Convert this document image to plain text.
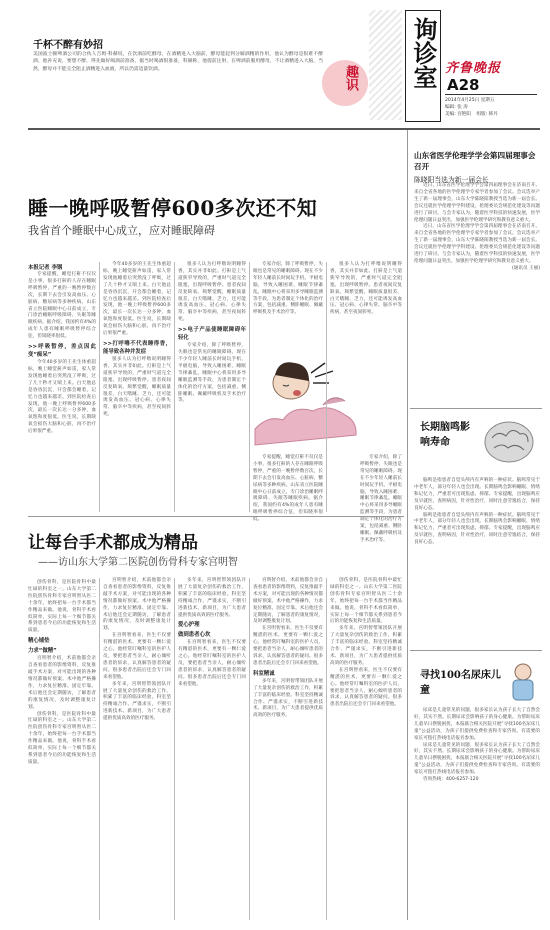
询诊室 齐鲁晚报
A28
2014年4月25日 星期五
编辑: 张 涛
美编: 宫艳阳 组版: 韩丹
趣识
千杯不醉有妙招
美国波士顿啤酒公司的合伙人吉姆·科赫说，在饮酒前吃酵母，在酒精进入大脑前，酵母能起到分解酒精的作用，他认为酵母是很难不醉酒、他补充说，要想不醉，得先做好喝酒前准备，据当时喝酒很准备，科赫称，他提前注射，在啤酒前服用酵母，不让酒精进入大脑，当然，酵母并不能完全阻止酒精进入血液，所以仍需适量饮酒。
睡一晚呼吸暂停600多次还不知
我省首个睡眠中心成立，应对睡眠障碍
本报记者 李钢

专家提醒，睡觉打鼾不仅仅是小事，很多打鼾的人存在睡眠呼吸暂停，严重的一晚暂停数百次，长期下去会引发高血压、心脏病、糖尿病等多种疾病。山东省立医院睡眠中心日前成立，专门诊治睡眠呼吸障碍、失眠等睡眠疾病。据介绍，我国约有4%的成年人患有睡眠呼吸暂停综合征，但知晓率很低。

>>呼吸暂停，差点因此变“痴呆”

今年40多岁的王先生体重超标，晚上睡觉鼾声如雷，家人常发现他睡着后突然没了呼吸，过了几十秒才又喘上来。白天他总是昏昏沉沉，开会都会睡着，记忆力也越来越差。到医院检查后发现，他一晚上呼吸暂停600多次，最长一次长达一分多钟，血氧饱和度很低。医生说，长期缺氧会损伤大脑和心脏，再不治疗后果很严重。

今年40多岁的王先生体重超标，晚上睡觉鼾声如雷，家人常发现他睡着后突然没了呼吸，过了几十秒才又喘上来。白天他总是昏昏沉沉，开会都会睡着，记忆力也越来越差。到医院检查后发现，他一晚上呼吸暂停600多次，最长一次长达一分多钟，血氧饱和度很低。医生说，长期缺氧会损伤大脑和心脏，再不治疗后果很严重。

>>打呼噜不代表睡得香，能导致各种并发症

很多人认为打呼噜说明睡得香，其实并非如此。打鼾是上气道狭窄导致的，严重时气道完全阻塞，出现呼吸暂停。患者夜间反复缺氧、频繁觉醒，睡眠质量很差，白天嗜睡、乏力，还可能诱发高血压、冠心病、心律失常、脑卒中等疾病，甚至夜间猝死。

很多人认为打呼噜说明睡得香，其实并非如此。打鼾是上气道狭窄导致的，严重时气道完全阻塞，出现呼吸暂停。患者夜间反复缺氧、频繁觉醒，睡眠质量很差，白天嗜睡、乏力，还可能诱发高血压、冠心病、心律失常、脑卒中等疾病，甚至夜间猝死。

>>电子产品使睡眠障碍年轻化

专家介绍，除了呼吸暂停，失眠也是常见的睡眠障碍。现在不少年轻人睡前长时间玩手机、平板电脑，导致入睡困难、睡眠节律紊乱。睡眠中心将采用多导睡眠监测等手段，为患者制定个体化的治疗方案，包括减重、侧卧睡眠、佩戴呼吸机及手术治疗等。

专家介绍，除了呼吸暂停，失眠也是常见的睡眠障碍。现在不少年轻人睡前长时间玩手机、平板电脑，导致入睡困难、睡眠节律紊乱。睡眠中心将采用多导睡眠监测等手段，为患者制定个体化的治疗方案，包括减重、侧卧睡眠、佩戴呼吸机及手术治疗等。

专家提醒，睡觉打鼾不仅仅是小事，很多打鼾的人存在睡眠呼吸暂停，严重的一晚暂停数百次，长期下去会引发高血压、心脏病、糖尿病等多种疾病。山东省立医院睡眠中心日前成立，专门诊治睡眠呼吸障碍、失眠等睡眠疾病。据介绍，我国约有4%的成年人患有睡眠呼吸暂停综合征，但知晓率很低。

很多人认为打呼噜说明睡得香，其实并非如此。打鼾是上气道狭窄导致的，严重时气道完全阻塞，出现呼吸暂停。患者夜间反复缺氧、频繁觉醒，睡眠质量很差，白天嗜睡、乏力，还可能诱发高血压、冠心病、心律失常、脑卒中等疾病，甚至夜间猝死。

专家介绍，除了呼吸暂停，失眠也是常见的睡眠障碍。现在不少年轻人睡前长时间玩手机、平板电脑，导致入睡困难、睡眠节律紊乱。睡眠中心将采用多导睡眠监测等手段，为患者制定个体化的治疗方案，包括减重、侧卧睡眠、佩戴呼吸机及手术治疗等。

山东省医学伦理学学会第四届理事会召开
陈晓阳当选为新一届会长

近日，山东省医学伦理学学会第四届理事会在济南召开。来自全省各地的医学伦理学专家学者参加了会议。会议选举产生了新一届理事会，山东大学陈晓阳教授当选为新一届会长。会议还就医学伦理学学科建设、伦理委员会规范化建设等问题进行了研讨。与会专家认为，随着医学科技的快速发展，医学伦理问题日益突出，加强医学伦理学研究和教育意义重大。

近日，山东省医学伦理学学会第四届理事会在济南召开。来自全省各地的医学伦理学专家学者参加了会议。会议选举产生了新一届理事会，山东大学陈晓阳教授当选为新一届会长。会议还就医学伦理学学科建设、伦理委员会规范化建设等问题进行了研讨。与会专家认为，随着医学科技的快速发展，医学伦理问题日益突出，加强医学伦理学研究和教育意义重大。

(通讯员 王丽)

长期脑鸣影响寿命

脑鸣是指患者自觉头颅内有声响的一种症状。脑鸣常见于中老年人，部分年轻人也会出现。长期脑鸣会影响睡眠、情绪和记忆力，严重者可出现焦虑、抑郁。专家提醒，出现脑鸣应及早就医，查明病因，针对性治疗，同时注意劳逸结合，保持良好心态。

脑鸣是指患者自觉头颅内有声响的一种症状。脑鸣常见于中老年人，部分年轻人也会出现。长期脑鸣会影响睡眠、情绪和记忆力，严重者可出现焦虑、抑郁。专家提醒，出现脑鸣应及早就医，查明病因，针对性治疗，同时注意劳逸结合，保持良好心态。

寻找100名尿床儿童

尿床是儿童常见的问题，很多家长认为孩子长大了自然会好，其实不然。长期尿床会影响孩子的身心健康。为帮助尿床儿童早日摆脱困扰，本报联合相关医院开展“寻找100名尿床儿童”公益活动，为孩子们提供免费检查和专家咨询。有需要的家长可拨打热线电话报名参加。

尿床是儿童常见的问题，很多家长认为孩子长大了自然会好，其实不然。长期尿床会影响孩子的身心健康。为帮助尿床儿童早日摆脱困扰，本报联合相关医院开展“寻找100名尿床儿童”公益活动，为孩子们提供免费检查和专家咨询。有需要的家长可拨打热线电话报名参加。

咨询热线：400-6257-120

让每台手术都成为精品
——访山东大学第二医院创伤骨科专家宫明智

创伤骨科，是医院骨科中最忙碌的科室之一。山东大学第二医院创伤骨科专家宫明智从医二十余年，始终把每一台手术都当作精品来做。他说，骨科手术看似简单，实际上每一个细节都关系到患者今后的功能恢复和生活质量。

精心铺垫
力求“做精”

宫明智介绍，术前他都会亲自查看患者的影像资料，反复推敲手术方案，对可能出现的各种情况都做好预案。术中他严格操作，力求复位精准、固定牢靠。术后他还会定期随访，了解患者的康复情况，及时调整康复计划。

创伤骨科，是医院骨科中最忙碌的科室之一。山东大学第二医院创伤骨科专家宫明智从医二十余年，始终把每一台手术都当作精品来做。他说，骨科手术看似简单，实际上每一个细节都关系到患者今后的功能恢复和生活质量。

宫明智介绍，术前他都会亲自查看患者的影像资料，反复推敲手术方案，对可能出现的各种情况都做好预案。术中他严格操作，力求复位精准、固定牢靠。术后他还会定期随访，了解患者的康复情况，及时调整康复计划。

在宫明智看来，医生不仅要有精湛的医术，更要有一颗仁爱之心。他经常叮嘱科室的医护人员，要把患者当亲人，耐心倾听患者的诉求，认真解答患者的疑问。很多患者出院后还会专门回来看望他。

多年来，宫明智带领团队开展了大量复杂创伤的救治工作，积累了丰富的临床经验。科室坚持精诚合作、严谨求实，不断引进新技术、新项目，为广大患者提供优质高效的医疗服务。

多年来，宫明智带领团队开展了大量复杂创伤的救治工作，积累了丰富的临床经验。科室坚持精诚合作、严谨求实，不断引进新技术、新项目，为广大患者提供优质高效的医疗服务。

爱心护理
做到患者心坎

在宫明智看来，医生不仅要有精湛的医术，更要有一颗仁爱之心。他经常叮嘱科室的医护人员，要把患者当亲人，耐心倾听患者的诉求，认真解答患者的疑问。很多患者出院后还会专门回来看望他。

宫明智介绍，术前他都会亲自查看患者的影像资料，反复推敲手术方案，对可能出现的各种情况都做好预案。术中他严格操作，力求复位精准、固定牢靠。术后他还会定期随访，了解患者的康复情况，及时调整康复计划。

在宫明智看来，医生不仅要有精湛的医术，更要有一颗仁爱之心。他经常叮嘱科室的医护人员，要把患者当亲人，耐心倾听患者的诉求，认真解答患者的疑问。很多患者出院后还会专门回来看望他。

科室精诚

多年来，宫明智带领团队开展了大量复杂创伤的救治工作，积累了丰富的临床经验。科室坚持精诚合作、严谨求实，不断引进新技术、新项目，为广大患者提供优质高效的医疗服务。

创伤骨科，是医院骨科中最忙碌的科室之一。山东大学第二医院创伤骨科专家宫明智从医二十余年，始终把每一台手术都当作精品来做。他说，骨科手术看似简单，实际上每一个细节都关系到患者今后的功能恢复和生活质量。

多年来，宫明智带领团队开展了大量复杂创伤的救治工作，积累了丰富的临床经验。科室坚持精诚合作、严谨求实，不断引进新技术、新项目，为广大患者提供优质高效的医疗服务。

在宫明智看来，医生不仅要有精湛的医术，更要有一颗仁爱之心。他经常叮嘱科室的医护人员，要把患者当亲人，耐心倾听患者的诉求，认真解答患者的疑问。很多患者出院后还会专门回来看望他。
